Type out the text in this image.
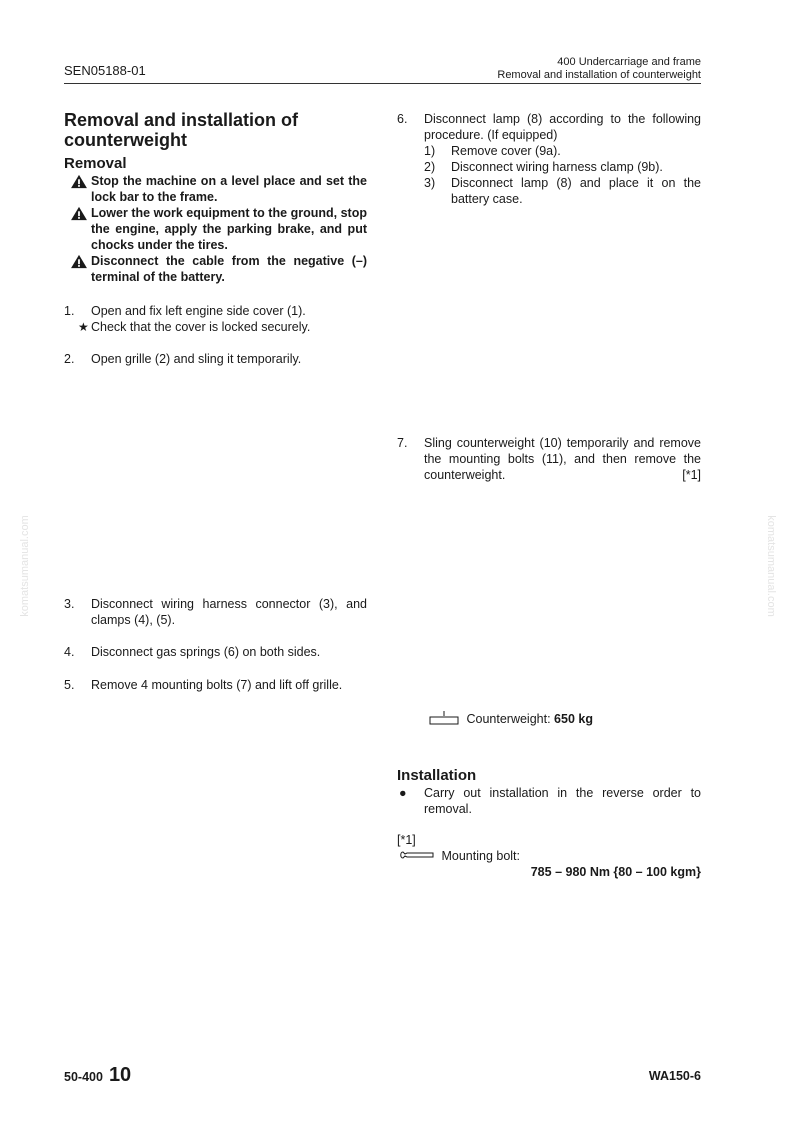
SEN05188-01
400 Undercarriage and frame
Removal and installation of counterweight
komatsumanual.com	komatsumanual.com
Removal and installation of counterweight
Removal
Stop the machine on a level place and set the lock bar to the frame.
Lower the work equipment to the ground, stop the engine, apply the parking brake, and put chocks under the tires.
Disconnect the cable from the negative (–) terminal of the battery.
1. Open and fix left engine side cover (1).
★ Check that the cover is locked securely.
2. Open grille (2) and sling it temporarily.
3. Disconnect wiring harness connector (3), and clamps (4), (5).
4. Disconnect gas springs (6) on both sides.
5. Remove 4 mounting bolts (7) and lift off grille.
6. Disconnect lamp (8) according to the following procedure. (If equipped)
1) Remove cover (9a).
2) Disconnect wiring harness clamp (9b).
3) Disconnect lamp (8) and place it on the battery case.
7. Sling counterweight (10) temporarily and remove the mounting bolts (11), and then remove the counterweight.	[*1]
Counterweight: 650 kg
Installation
● Carry out installation in the reverse order to removal.
[*1]
Mounting bolt:
785 – 980 Nm {80 – 100 kgm}
50-400 10	WA150-6
